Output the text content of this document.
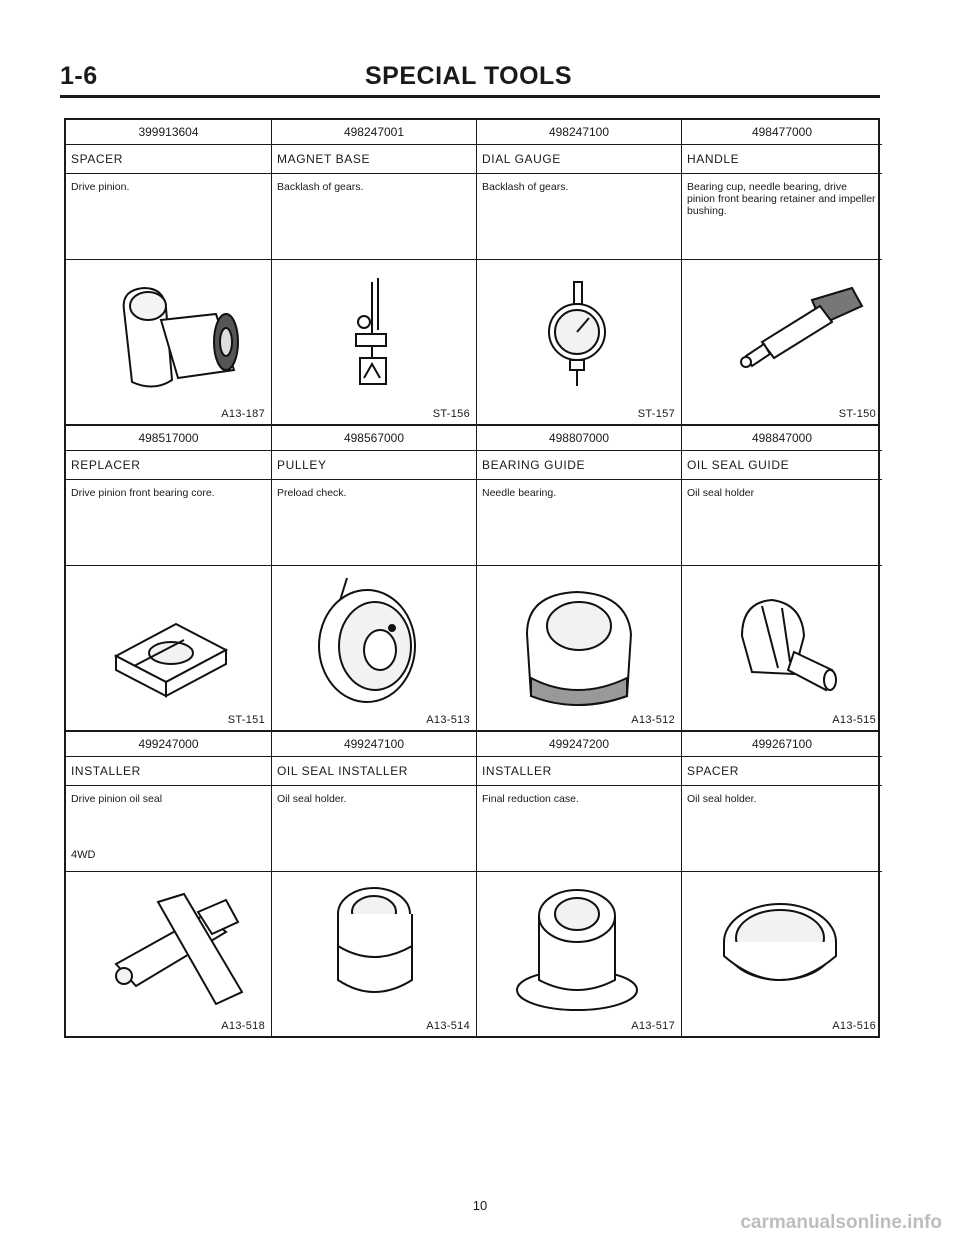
1-6	SPECIAL TOOLS
399913604
SPACER
Drive pinion.
A13-187
498247001
MAGNET BASE
Backlash of gears.
ST-156
498247100
DIAL GAUGE
Backlash of gears.
ST-157
498477000
HANDLE
Bearing cup, needle bearing, drive pinion front bearing retainer and impeller bushing.
ST-150
498517000
REPLACER
Drive pinion front bearing core.
ST-151
498567000
PULLEY
Preload check.
A13-513
498807000
BEARING GUIDE
Needle bearing.
A13-512
498847000
OIL SEAL GUIDE
Oil seal holder
A13-515
499247000
INSTALLER
Drive pinion oil seal
4WD
A13-518
499247100
OIL SEAL INSTALLER
Oil seal holder.
A13-514
499247200
INSTALLER
Final reduction case.
A13-517
499267100
SPACER
Oil seal holder.
A13-516
10
carmanualsonline.info
